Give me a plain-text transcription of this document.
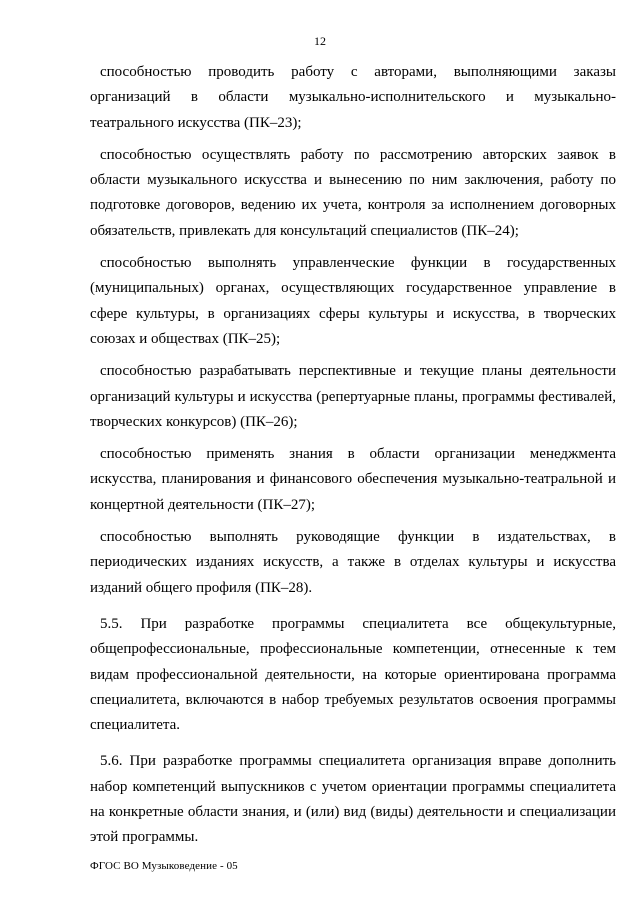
12

способностью проводить работу с авторами, выполняющими заказы организаций в области музыкально-исполнительского и музыкально-театрального искусства (ПК–23);

способностью осуществлять работу по рассмотрению авторских заявок в области музыкального искусства и вынесению по ним заключения, работу по подготовке договоров, ведению их учета, контроля за исполнением договорных обязательств, привлекать для консультаций специалистов (ПК–24);

способностью выполнять управленческие функции в государственных (муниципальных) органах, осуществляющих государственное управление в сфере культуры, в организациях сферы культуры и искусства, в творческих союзах и обществах (ПК–25);

способностью разрабатывать перспективные и текущие планы деятельности организаций культуры и искусства (репертуарные планы, программы фестивалей, творческих конкурсов) (ПК–26);

способностью применять знания в области организации менеджмента искусства, планирования и финансового обеспечения музыкально-театральной и концертной деятельности (ПК–27);

способностью выполнять руководящие функции в издательствах, в периодических изданиях искусств, а также в отделах культуры и искусства изданий общего профиля (ПК–28).

5.5. При разработке программы специалитета все общекультурные, общепрофессиональные, профессиональные компетенции, отнесенные к тем видам профессиональной деятельности, на которые ориентирована программа специалитета, включаются в набор требуемых результатов освоения программы специалитета.

5.6. При разработке программы специалитета организация вправе дополнить набор компетенций выпускников с учетом ориентации программы специалитета на конкретные области знания, и (или) вид (виды) деятельности и специализации этой программы.

ФГОС ВО Музыковедение - 05
